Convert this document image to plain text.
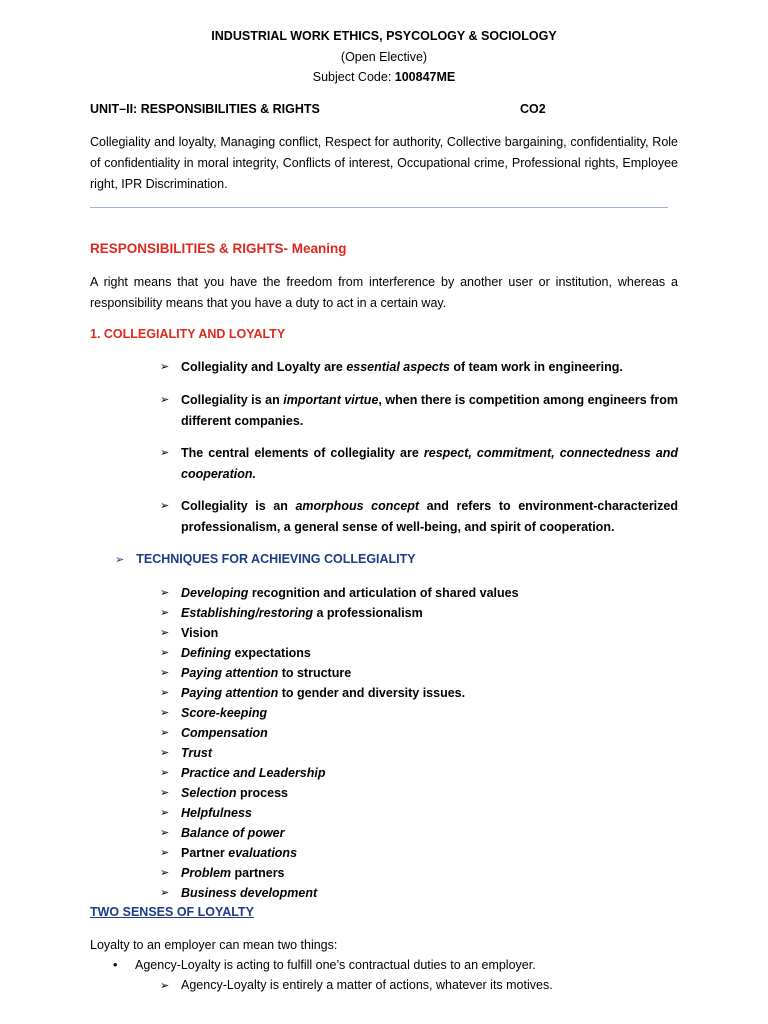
INDUSTRIAL WORK ETHICS, PSYCOLOGY & SOCIOLOGY
(Open Elective)
Subject Code: 100847ME
UNIT–II: RESPONSIBILITIES & RIGHTS	CO2
Collegiality and loyalty, Managing conflict, Respect for authority, Collective bargaining, confidentiality, Role of confidentiality in moral integrity, Conflicts of interest, Occupational crime, Professional rights, Employee right, IPR Discrimination.
RESPONSIBILITIES & RIGHTS- Meaning
A right means that you have the freedom from interference by another user or institution, whereas a responsibility means that you have a duty to act in a certain way.
1. COLLEGIALITY AND LOYALTY
➢ Collegiality and Loyalty are essential aspects of team work in engineering.
➢ Collegiality is an important virtue, when there is competition among engineers from different companies.
➢ The central elements of collegiality are respect, commitment, connectedness and cooperation.
➢ Collegiality is an amorphous concept and refers to environment-characterized professionalism, a general sense of well-being, and spirit of cooperation.
➢ TECHNIQUES FOR ACHIEVING COLLEGIALITY
➢ Developing recognition and articulation of shared values
➢ Establishing/restoring a professionalism
➢ Vision
➢ Defining expectations
➢ Paying attention to structure
➢ Paying attention to gender and diversity issues.
➢ Score-keeping
➢ Compensation
➢ Trust
➢ Practice and Leadership
➢ Selection process
➢ Helpfulness
➢ Balance of power
➢ Partner evaluations
➢ Problem partners
➢ Business development
TWO SENSES OF LOYALTY
Loyalty to an employer can mean two things:
• Agency-Loyalty is acting to fulfill one’s contractual duties to an employer.
➢ Agency-Loyalty is entirely a matter of actions, whatever its motives.
